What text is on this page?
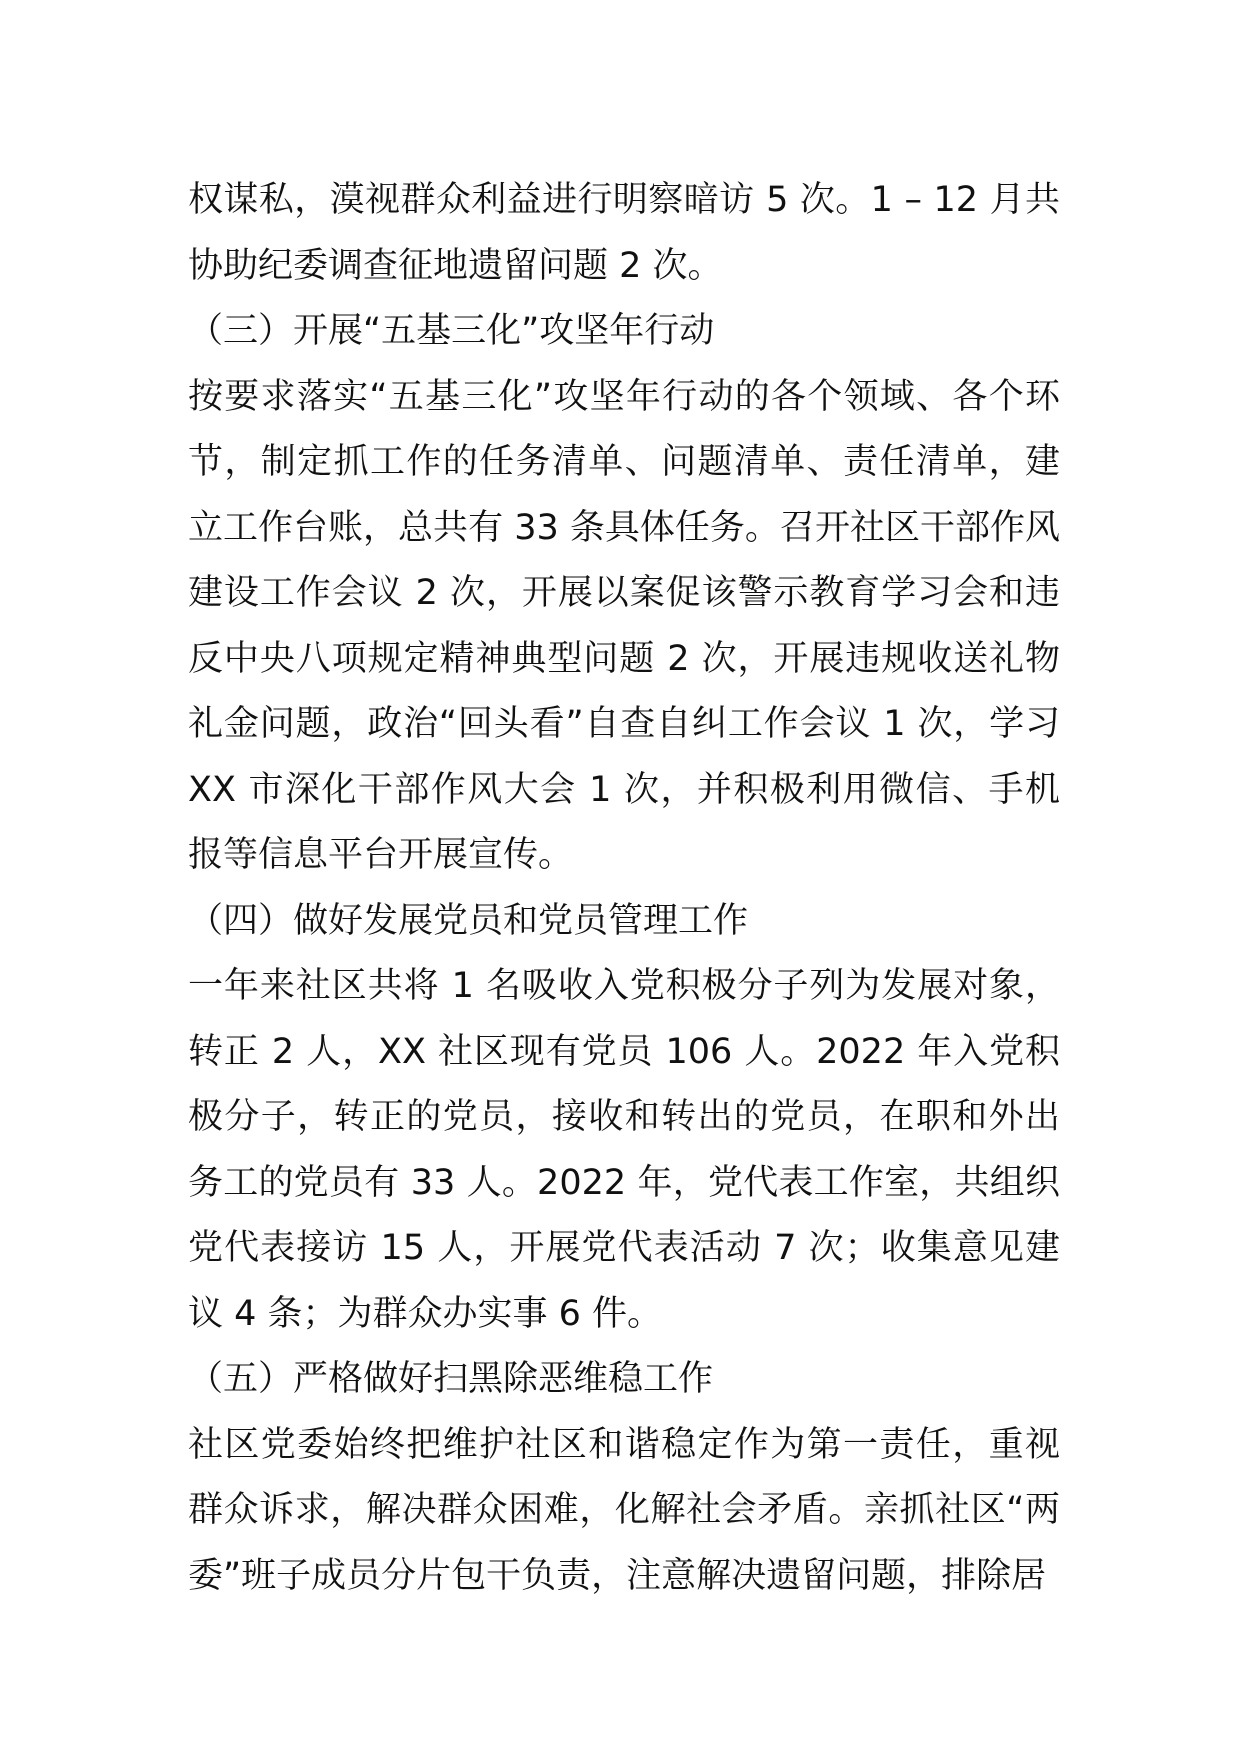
权谋私，漠视群众利益进行明察暗访 5 次。1 – 12 月共协助纪委调查征地遗留问题 2 次。

（三）开展“五基三化”攻坚年行动

按要求落实“五基三化”攻坚年行动的各个领域、各个环节，制定抓工作的任务清单、问题清单、责任清单，建立工作台账，总共有 33 条具体任务。召开社区干部作风建设工作会议 2 次，开展以案促该警示教育学习会和违反中央八项规定精神典型问题 2 次，开展违规收送礼物礼金问题，政治“回头看”自查自纠工作会议 1 次，学习 XX 市深化干部作风大会 1 次，并积极利用微信、手机报等信息平台开展宣传。

（四）做好发展党员和党员管理工作

一年来社区共将 1 名吸收入党积极分子列为发展对象，转正 2 人，XX 社区现有党员 106 人。2022 年入党积极分子，转正的党员，接收和转出的党员，在职和外出务工的党员有 33 人。2022 年，党代表工作室，共组织党代表接访 15 人，开展党代表活动 7 次；收集意见建议 4 条；为群众办实事 6 件。

（五）严格做好扫黑除恶维稳工作

社区党委始终把维护社区和谐稳定作为第一责任，重视群众诉求，解决群众困难，化解社会矛盾。亲抓社区“两委”班子成员分片包干负责，注意解决遗留问题，排除居
